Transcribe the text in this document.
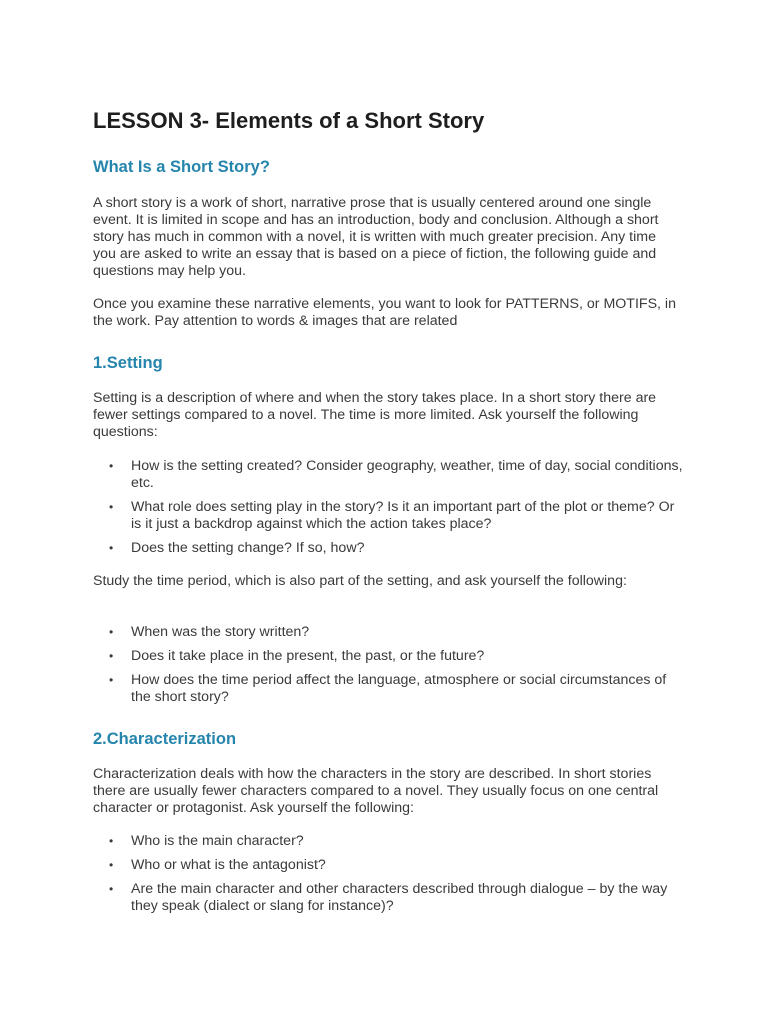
LESSON 3- Elements of a Short Story
What Is a Short Story?

A short story is a work of short, narrative prose that is usually centered around one single event. It is limited in scope and has an introduction, body and conclusion. Although a short story has much in common with a novel, it is written with much greater precision. Any time you are asked to write an essay that is based on a piece of fiction, the following guide and questions may help you.

Once you examine these narrative elements, you want to look for PATTERNS, or MOTIFS, in the work. Pay attention to words & images that are related

1.Setting

Setting is a description of where and when the story takes place. In a short story there are fewer settings compared to a novel. The time is more limited. Ask yourself the following questions:

• How is the setting created? Consider geography, weather, time of day, social conditions, etc.
• What role does setting play in the story? Is it an important part of the plot or theme? Or is it just a backdrop against which the action takes place?
• Does the setting change? If so, how?

Study the time period, which is also part of the setting, and ask yourself the following:

• When was the story written?
• Does it take place in the present, the past, or the future?
• How does the time period affect the language, atmosphere or social circumstances of the short story?
2.Characterization

Characterization deals with how the characters in the story are described. In short stories there are usually fewer characters compared to a novel. They usually focus on one central character or protagonist. Ask yourself the following:

• Who is the main character?
• Who or what is the antagonist?
• Are the main character and other characters described through dialogue – by the way they speak (dialect or slang for instance)?
